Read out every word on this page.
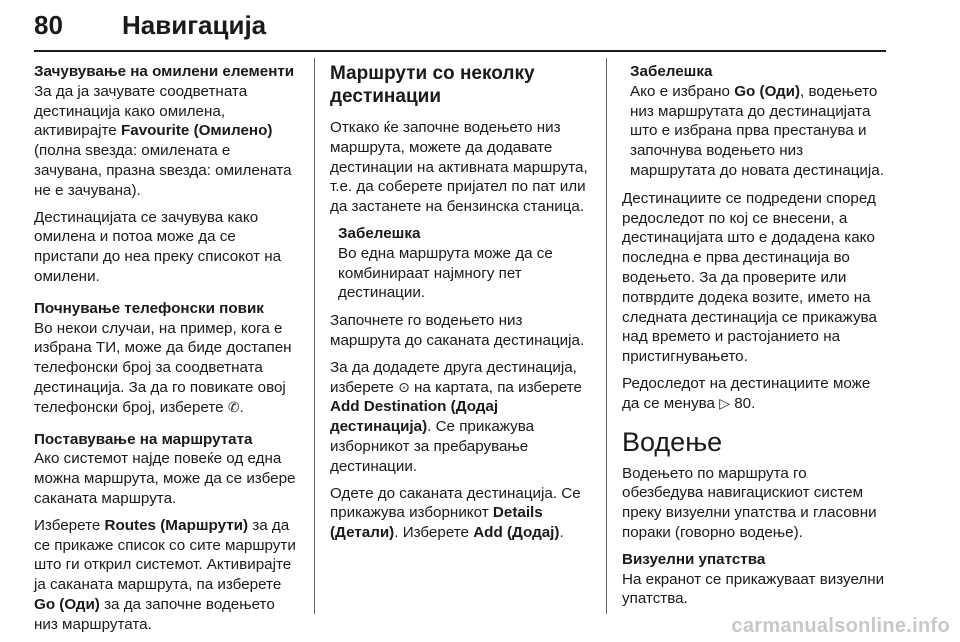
80 Навигација

Зачувување на омилени елементи

За да ја зачувате соодветната дестинација како омилена, активирајте Favourite (Омилено) (полна ѕвезда: омилената е зачувана, празна ѕвезда: омилената не е зачувана).

Дестинацијата се зачувува како омилена и потоа може да се пристапи до неа преку списокот на омилени.

Почнување телефонски повик

Во некои случаи, на пример, кога е избрана ТИ, може да биде достапен телефонски број за соодветната дестинација. За да го повикате овој телефонски број, изберете ✆.

Поставување на маршрутата

Ако системот најде повеќе од една можна маршрута, може да се избере саканата маршрута.

Изберете Routes (Маршрути) за да се прикаже список со сите маршрути што ги открил системот. Активирајте ја саканата маршрута, па изберете Go (Оди) за да започне водењето низ маршрутата.

Маршрути со неколку дестинации

Откако ќе започне водењето низ маршрута, можете да додавате дестинации на активната маршрута, т.е. да соберете пријател по пат или да застанете на бензинска станица.

Забелешка

Во една маршрута може да се комбинираат најмногу пет дестинации.

Започнете го водењето низ маршрута до саканата дестинација.

За да додадете друга дестинација, изберете ⊙ на картата, па изберете Add Destination (Додај дестинација). Се прикажува изборникот за пребарување дестинации.

Одете до саканата дестинација. Се прикажува изборникот Details (Детали). Изберете Add (Додај).

Забелешка

Ако е избрано Go (Оди), водењето низ маршрутата до дестинацијата што е избрана прва престанува и започнува водењето низ маршрутата до новата дестинација.

Дестинациите се подредени според редоследот по кој се внесени, а дестинацијата што е додадена како последна е прва дестинација во водењето. За да проверите или потврдите додека возите, името на следната дестинација се прикажува над времето и растојанието на пристигнувањето.

Редоследот на дестинациите може да се менува ▷ 80.

Водење

Водењето по маршрута го обезбедува навигацискиот систем преку визуелни упатства и гласовни пораки (говорно водење).

Визуелни упатства

На екранот се прикажуваат визуелни упатства.

carmanualsonline.info
